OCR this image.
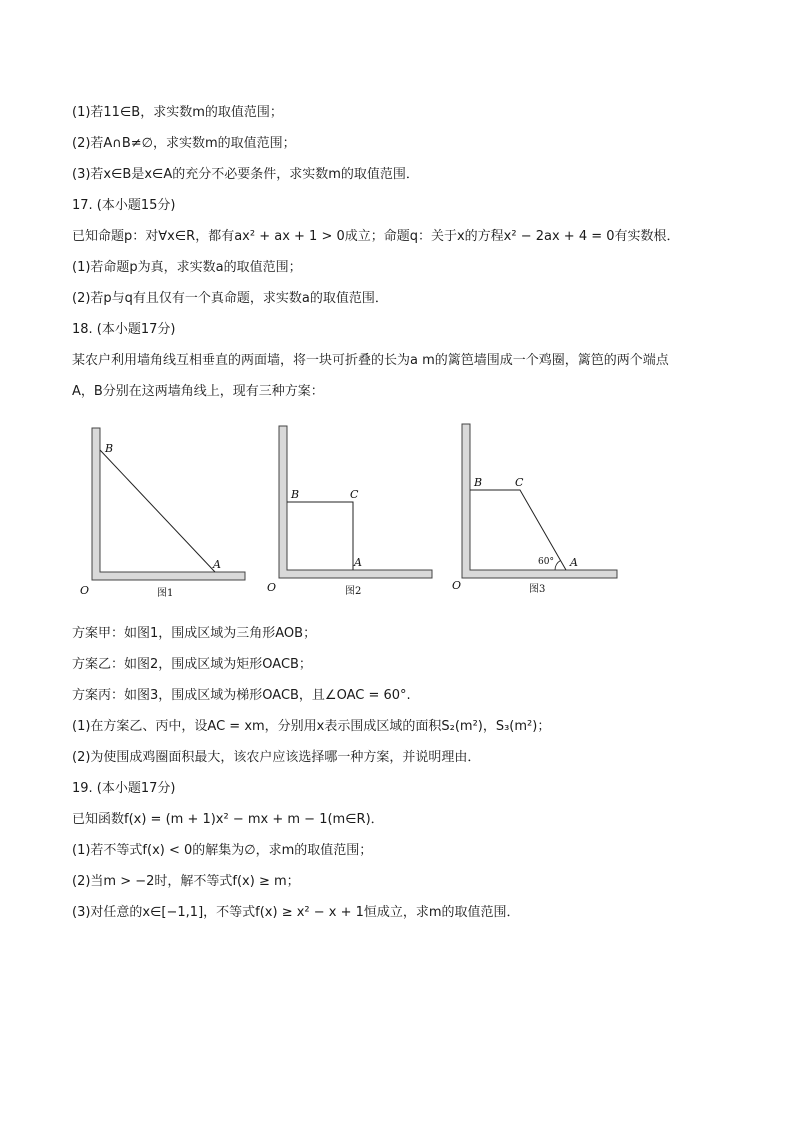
(1)若11∈B，求实数m的取值范围；
(2)若A∩B≠∅，求实数m的取值范围；
(3)若x∈B是x∈A的充分不必要条件，求实数m的取值范围．
17. (本小题15分)
已知命题p：对∀x∈R，都有ax² + ax + 1 > 0成立；命题q：关于x的方程x² − 2ax + 4 = 0有实数根．
(1)若命题p为真，求实数a的取值范围；
(2)若p与q有且仅有一个真命题，求实数a的取值范围．
18. (本小题17分)
某农户利用墙角线互相垂直的两面墙，将一块可折叠的长为a m的篱笆墙围成一个鸡圈，篱笆的两个端点
A，B分别在这两墙角线上，现有三种方案：
B
A
O	图1
B	C
A
O	图2
B	C
A
60°
O	图3
方案甲：如图1，围成区域为三角形AOB；
方案乙：如图2，围成区域为矩形OACB；
方案丙：如图3，围成区域为梯形OACB，且∠OAC = 60°.
(1)在方案乙、丙中，设AC = xm，分别用x表示围成区域的面积S₂(m²)，S₃(m²)；
(2)为使围成鸡圈面积最大，该农户应该选择哪一种方案，并说明理由．
19. (本小题17分)
已知函数f(x) = (m + 1)x² − mx + m − 1(m∈R)．
(1)若不等式f(x) < 0的解集为∅，求m的取值范围；
(2)当m > −2时，解不等式f(x) ≥ m；
(3)对任意的x∈[−1,1]，不等式f(x) ≥ x² − x + 1恒成立，求m的取值范围．
